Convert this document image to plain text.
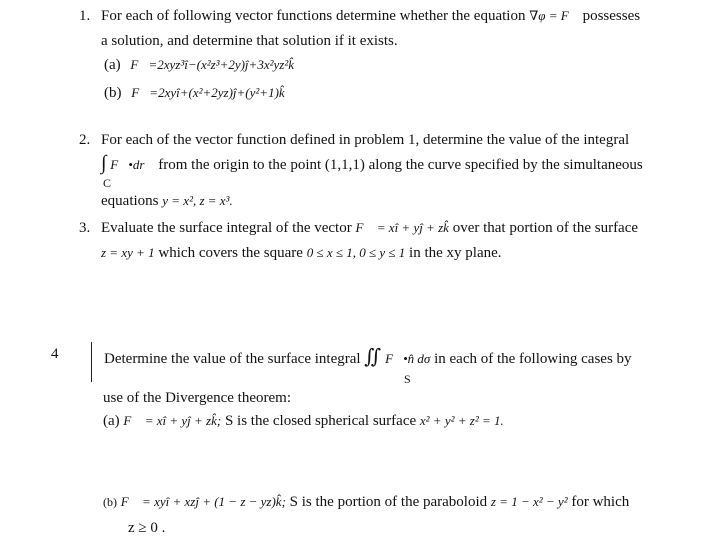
1. For each of following vector functions determine whether the equation ∇φ = F⃗ possesses
a solution, and determine that solution if it exists.
(a) F⃗=2xyz³î−(x²z³+2y)ĵ+3x²yz²k̂
(b) F⃗=2xyî+(x²+2yz)ĵ+(y²+1)k̂
2. For each of the vector function defined in problem 1, determine the value of the integral
∫ F⃗•dr⃗ from the origin to the point (1,1,1) along the curve specified by the simultaneous
C
equations y = x², z = x³.
3. Evaluate the surface integral of the vector F⃗ = xî + yĵ + zk̂ over that portion of the surface
z = xy + 1 which covers the square 0 ≤ x ≤ 1, 0 ≤ y ≤ 1 in the xy plane.
4	Determine the value of the surface integral ∬ F⃗•n̂ dσ in each of the following cases by
S
use of the Divergence theorem:
(a) F⃗ = xî + yĵ + zk̂; S is the closed spherical surface x² + y² + z² = 1.
(b) F⃗ = xyî + xzĵ + (1 − z − yz)k̂; S is the portion of the paraboloid z = 1 − x² − y² for which
z ≥ 0 .
